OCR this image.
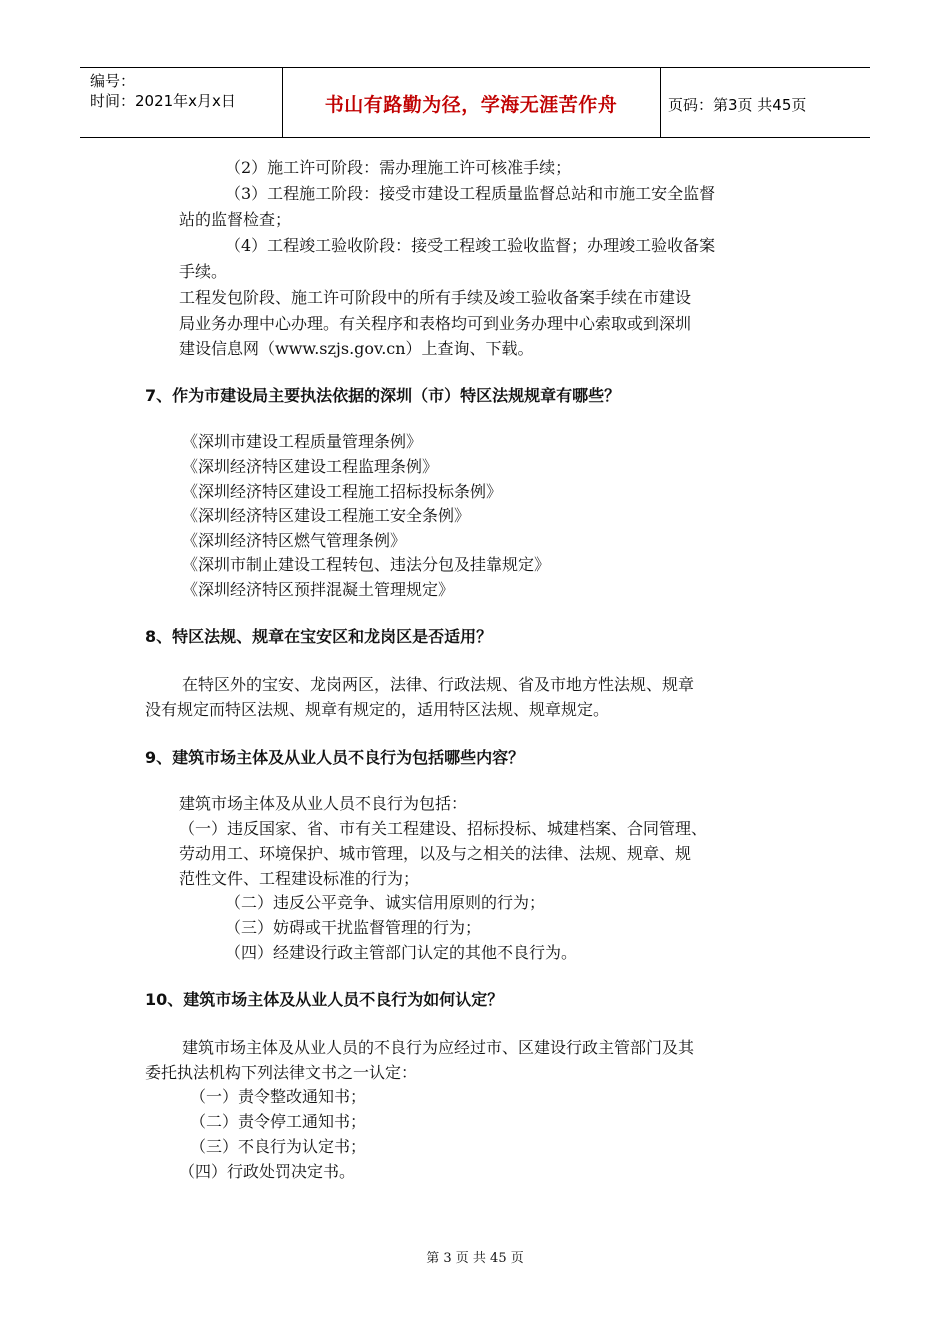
编号：
时间：2021年x月x日	书山有路勤为径，学海无涯苦作舟	页码：第3页 共45页
（2）施工许可阶段：需办理施工许可核准手续；
（3）工程施工阶段：接受市建设工程质量监督总站和市施工安全监督
站的监督检查；
（4）工程竣工验收阶段：接受工程竣工验收监督；办理竣工验收备案
手续。
工程发包阶段、施工许可阶段中的所有手续及竣工验收备案手续在市建设
局业务办理中心办理。有关程序和表格均可到业务办理中心索取或到深圳
建设信息网（www.szjs.gov.cn）上查询、下载。
7、作为市建设局主要执法依据的深圳（市）特区法规规章有哪些？
《深圳市建设工程质量管理条例》
《深圳经济特区建设工程监理条例》
《深圳经济特区建设工程施工招标投标条例》
《深圳经济特区建设工程施工安全条例》
《深圳经济特区燃气管理条例》
《深圳市制止建设工程转包、违法分包及挂靠规定》
《深圳经济特区预拌混凝土管理规定》
8、特区法规、规章在宝安区和龙岗区是否适用？
在特区外的宝安、龙岗两区，法律、行政法规、省及市地方性法规、规章
没有规定而特区法规、规章有规定的，适用特区法规、规章规定。
9、建筑市场主体及从业人员不良行为包括哪些内容？
建筑市场主体及从业人员不良行为包括：
（一）违反国家、省、市有关工程建设、招标投标、城建档案、合同管理、
劳动用工、环境保护、城市管理，以及与之相关的法律、法规、规章、规
范性文件、工程建设标准的行为；
（二）违反公平竞争、诚实信用原则的行为；
（三）妨碍或干扰监督管理的行为；
（四）经建设行政主管部门认定的其他不良行为。
10、建筑市场主体及从业人员不良行为如何认定？
建筑市场主体及从业人员的不良行为应经过市、区建设行政主管部门及其
委托执法机构下列法律文书之一认定：
（一）责令整改通知书；
（二）责令停工通知书；
（三）不良行为认定书；
（四）行政处罚决定书。
第 3 页 共 45 页
